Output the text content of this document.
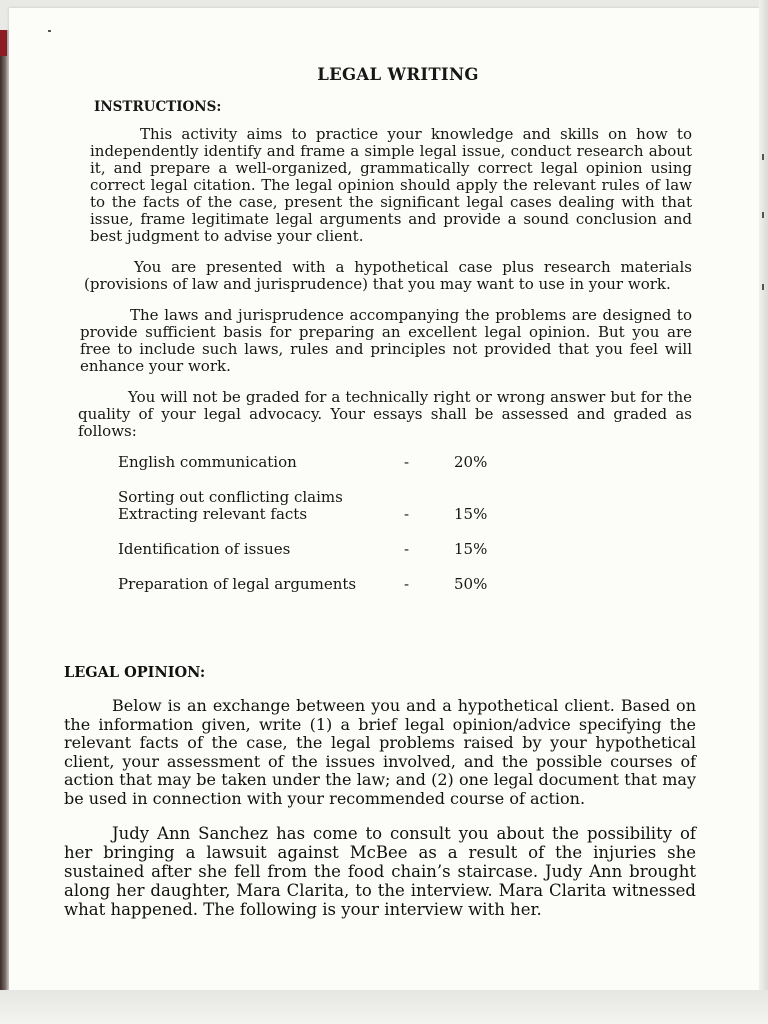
LEGAL WRITING
INSTRUCTIONS:

This activity aims to practice your knowledge and skills on how to independently identify and frame a simple legal issue, conduct research about it, and prepare a well-organized, grammatically correct legal opinion using correct legal citation. The legal opinion should apply the relevant rules of law to the facts of the case, present the significant legal cases dealing with that issue, frame legitimate legal arguments and provide a sound conclusion and best judgment to advise your client.

You are presented with a hypothetical case plus research materials (provisions of law and jurisprudence) that you may want to use in your work.

The laws and jurisprudence accompanying the problems are designed to provide sufficient basis for preparing an excellent legal opinion. But you are free to include such laws, rules and principles not provided that you feel will enhance your work.

You will not be graded for a technically right or wrong answer but for the quality of your legal advocacy. Your essays shall be assessed and graded as follows:

English communication	-	20%
Sorting out conflicting claims
Extracting relevant facts	-	15%
Identification of issues	-	15%
Preparation of legal arguments	-	50%
LEGAL OPINION:

Below is an exchange between you and a hypothetical client. Based on the information given, write (1) a brief legal opinion/advice specifying the relevant facts of the case, the legal problems raised by your hypothetical client, your assessment of the issues involved, and the possible courses of action that may be taken under the law; and (2) one legal document that may be used in connection with your recommended course of action.

Judy Ann Sanchez has come to consult you about the possibility of her bringing a lawsuit against McBee as a result of the injuries she sustained after she fell from the food chain’s staircase. Judy Ann brought along her daughter, Mara Clarita, to the interview. Mara Clarita witnessed what happened. The following is your interview with her.
